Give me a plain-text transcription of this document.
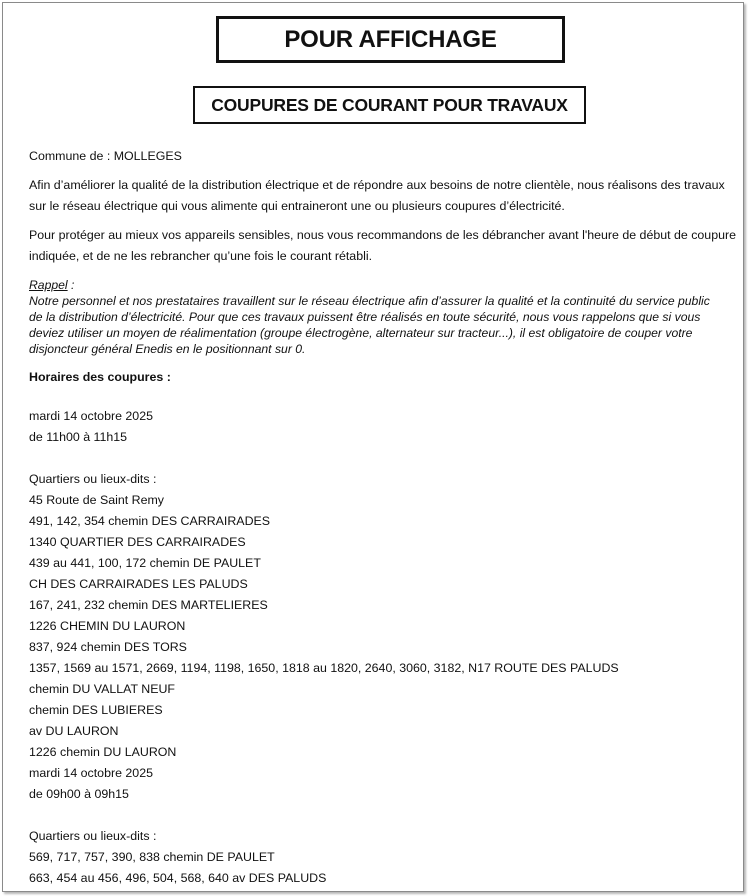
POUR AFFICHAGE
COUPURES DE COURANT POUR TRAVAUX
Commune de : MOLLEGES
Afin d’améliorer la qualité de la distribution électrique et de répondre aux besoins de notre clientèle, nous réalisons des travaux
sur le réseau électrique qui vous alimente qui entraineront une ou plusieurs coupures d’électricité.
Pour protéger au mieux vos appareils sensibles, nous vous recommandons de les débrancher avant l'heure de début de coupure
indiquée, et de ne les rebrancher qu’une fois le courant rétabli.
Rappel :
Notre personnel et nos prestataires travaillent sur le réseau électrique afin d’assurer la qualité et la continuité du service public
de la distribution d’électricité. Pour que ces travaux puissent être réalisés en toute sécurité, nous vous rappelons que si vous
deviez utiliser un moyen de réalimentation (groupe électrogène, alternateur sur tracteur...), il est obligatoire de couper votre
disjoncteur général Enedis en le positionnant sur 0.
Horaires des coupures :
mardi 14 octobre 2025
de 11h00 à 11h15
Quartiers ou lieux-dits :
45 Route de Saint Remy
491, 142, 354 chemin DES CARRAIRADES
1340 QUARTIER DES CARRAIRADES
439 au 441, 100, 172 chemin DE PAULET
CH DES CARRAIRADES LES PALUDS
167, 241, 232 chemin DES MARTELIERES
1226 CHEMIN DU LAURON
837, 924 chemin DES TORS
1357, 1569 au 1571, 2669, 1194, 1198, 1650, 1818 au 1820, 2640, 3060, 3182, N17 ROUTE DES PALUDS
chemin DU VALLAT NEUF
chemin DES LUBIERES
av DU LAURON
1226 chemin DU LAURON
mardi 14 octobre 2025
de 09h00 à 09h15
Quartiers ou lieux-dits :
569, 717, 757, 390, 838 chemin DE PAULET
663, 454 au 456, 496, 504, 568, 640 av DES PALUDS
